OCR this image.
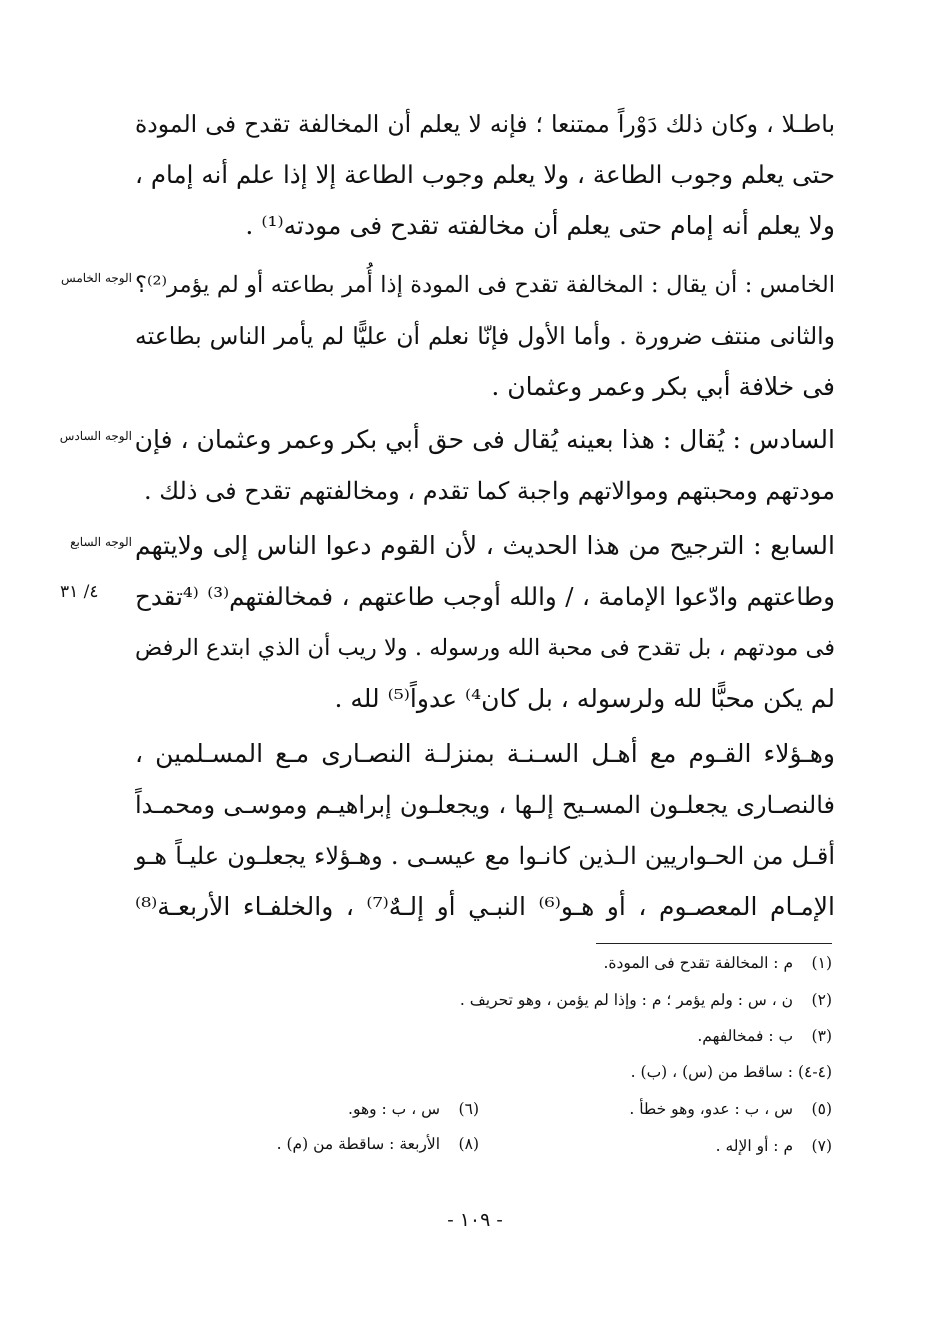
باطـلا ، وكان ذلك دَوْراً ممتنعا ؛ فإنه لا يعلم أن المخالفة تقدح فى المودة
حتى يعلم وجوب الطاعة ، ولا يعلم وجوب الطاعة إلا إذا علم أنه إمام ،
ولا يعلم أنه إمام حتى يعلم أن مخالفته تقدح فى مودته⁽¹⁾ .
الخامس : أن يقال : المخالفة تقدح فى المودة إذا أُمر بطاعته أو لم يؤمر⁽²⁾؟
والثانى منتف ضرورة . وأما الأول فإنّا نعلم أن عليًّا لم يأمر الناس بطاعته
فى خلافة أبي بكر وعمر وعثمان .
السادس : يُقال : هذا بعينه يُقال فى حق أبي بكر وعمر وعثمان ، فإن
مودتهم ومحبتهم وموالاتهم واجبة كما تقدم ، ومخالفتهم تقدح فى ذلك .
السابع : الترجيح من هذا الحديث ، لأن القوم دعوا الناس إلى ولايتهم
وطاعتهم وادّعوا الإمامة ، / والله أوجب طاعتهم ، فمخالفتهم⁽³⁾ ⁽⁴تقدح
فى مودتهم ، بل تقدح فى محبة الله ورسوله . ولا ريب أن الذي ابتدع الرفض
لم يكن محبًّا لله ولرسوله ، بل كان⁴⁾ عدواً⁽⁵⁾ لله .
وهـؤلاء القـوم مع أهـل السـنـة بمنزلـة النصـارى مـع المسـلمين ،
فالنصـارى يجعلـون المسـيح إلـها ، ويجعلـون إبراهيـم وموسـى ومحمـداً
أقـل من الحـواريين الـذين كانـوا مع عيسـى . وهـؤلاء يجعلـون عليـاً هـو
الإمـام المعصـوم ، أو هـو⁽⁶⁾ النبـي أو إلـهٌ⁽⁷⁾ ، والخلفـاء الأربعـة⁽⁸⁾
الوجه الخامس
الوجه السادس
الوجه السابع
٤/ ٣١
(١) م : المخالفة تقدح فى المودة.
(٢) ن ، س : ولم يؤمر ؛ م : وإذا لم يؤمن ، وهو تحريف .
(٣) ب : فمخالفهم.
(٤-٤) : ساقط من (س) ، (ب) .
(٥) س ، ب : عدو، وهو خطأ .
(٦) س ، ب : وهو.
(٧) م : أو الإله .
(٨) الأربعة : ساقطة من (م) .
- ١٠٩ -
